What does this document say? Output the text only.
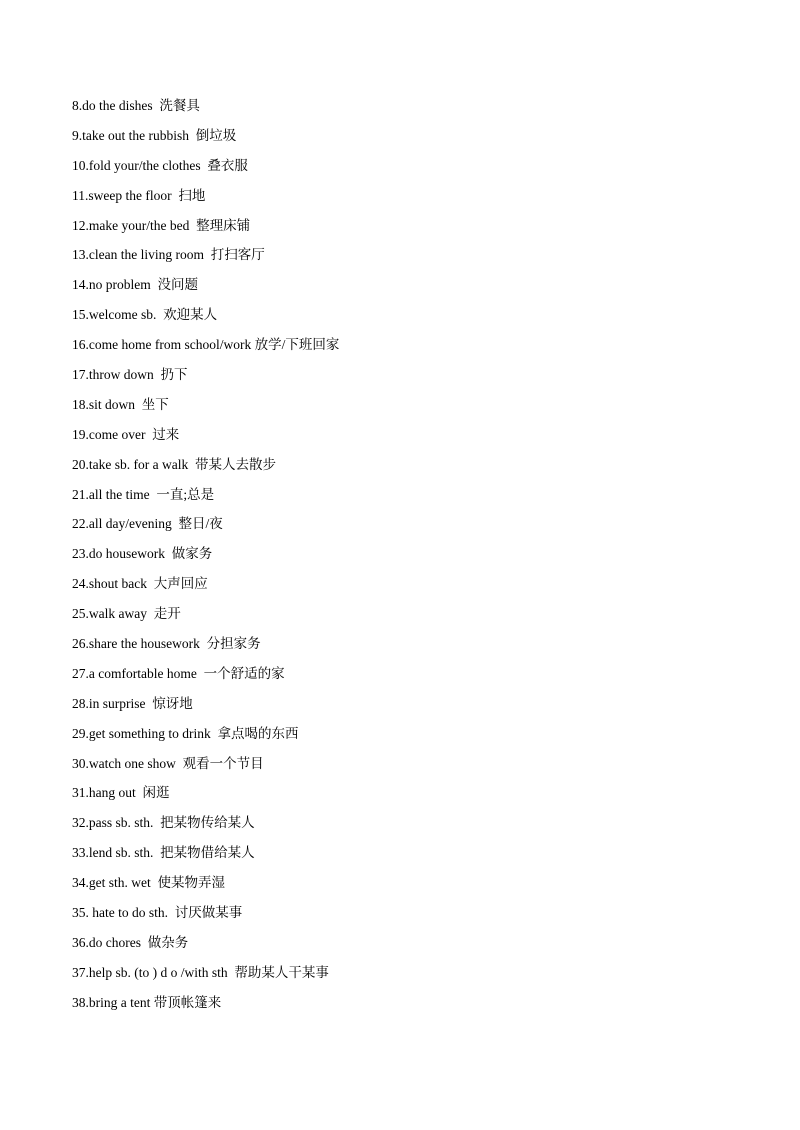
8.do the dishes  洗餐具
9.take out the rubbish  倒垃圾
10.fold your/the clothes  叠衣服
11.sweep the floor  扫地
12.make your/the bed  整理床铺
13.clean the living room  打扫客厅
14.no problem  没问题
15.welcome sb.  欢迎某人
16.come home from school/work 放学/下班回家
17.throw down  扔下
18.sit down  坐下
19.come over  过来
20.take sb. for a walk  带某人去散步
21.all the time  一直;总是
22.all day/evening  整日/夜
23.do housework  做家务
24.shout back  大声回应
25.walk away  走开
26.share the housework  分担家务
27.a comfortable home  一个舒适的家
28.in surprise  惊讶地
29.get something to drink  拿点喝的东西
30.watch one show  观看一个节目
31.hang out  闲逛
32.pass sb. sth.  把某物传给某人
33.lend sb. sth.  把某物借给某人
34.get sth. wet  使某物弄湿
35. hate to do sth.  讨厌做某事
36.do chores  做杂务
37.help sb. (to ) d o /with sth  帮助某人干某事
38.bring a tent 带顶帐篷来
